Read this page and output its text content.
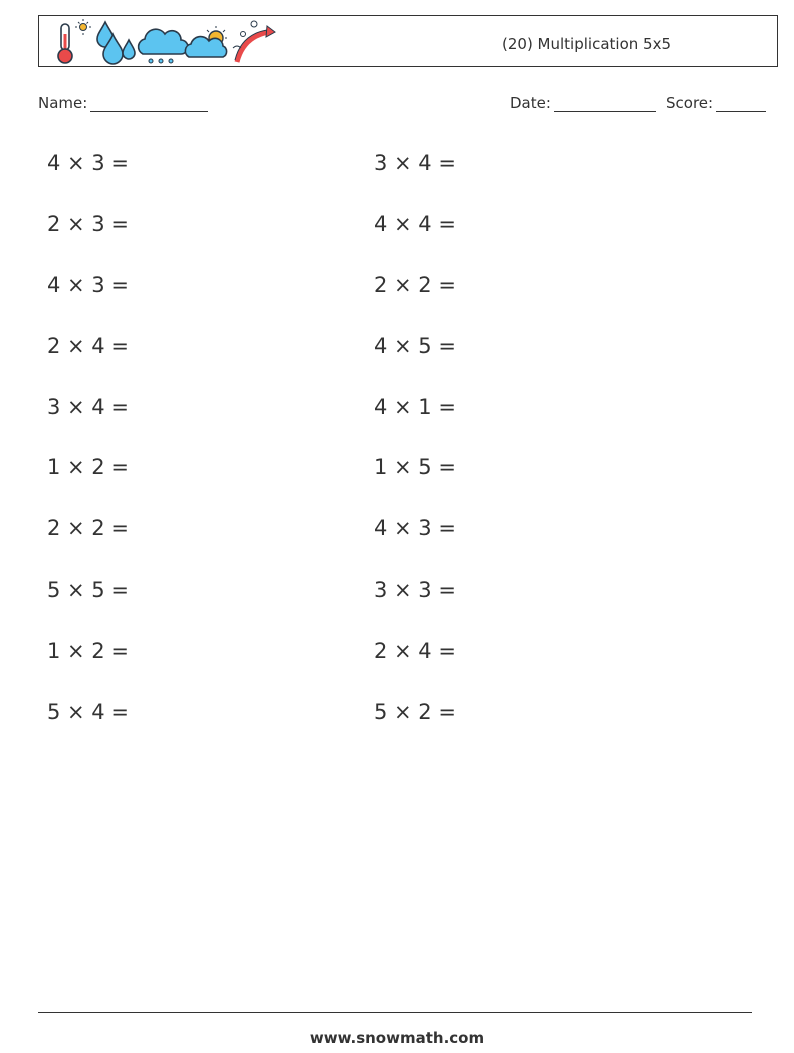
(20) Multiplication 5x5
Name:	Date:	Score:
4 × 3 =
2 × 3 =
4 × 3 =
2 × 4 =
3 × 4 =
1 × 2 =
2 × 2 =
5 × 5 =
1 × 2 =
5 × 4 =
3 × 4 =
4 × 4 =
2 × 2 =
4 × 5 =
4 × 1 =
1 × 5 =
4 × 3 =
3 × 3 =
2 × 4 =
5 × 2 =
www.snowmath.com
